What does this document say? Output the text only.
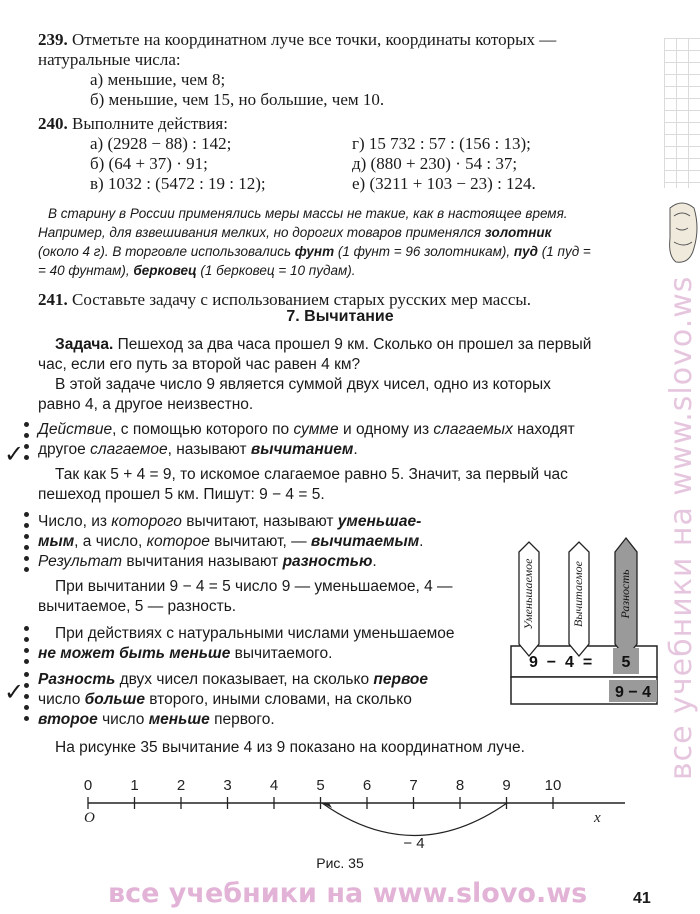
все учебники на www.slovo.ws
239. Отметьте на координатном луче все точки, координаты которых —
натуральные числа:
а) меньшие, чем 8;
б) меньшие, чем 15, но большие, чем 10.
240. Выполните действия:
а) (2928 − 88) : 142;
б) (64 + 37) · 91;
в) 1032 : (5472 : 19 : 12);
г) 15 732 : 57 : (156 : 13);
д) (880 + 230) · 54 : 37;
е) (3211 + 103 − 23) : 124.
В старину в России применялись меры массы не такие, как в настоящее время.
Например, для взвешивания мелких, но дорогих товаров применялся золотник
(около 4 г). В торговле использовались фунт (1 фунт = 96 золотникам), пуд (1 пуд =
= 40 фунтам), берковец (1 берковец = 10 пудам).
241. Составьте задачу с использованием старых русских мер массы.
7. Вычитание
Задача. Пешеход за два часа прошел 9 км. Сколько он прошел за первый
час, если его путь за второй час равен 4 км?
В этой задаче число 9 является суммой двух чисел, одно из которых
равно 4, а другое неизвестно.
✓
Действие, с помощью которого по сумме и одному из слагаемых находят
другое слагаемое, называют вычитанием.
Так как 5 + 4 = 9, то искомое слагаемое равно 5. Значит, за первый час
пешеход прошел 5 км. Пишут: 9 − 4 = 5.
Число, из которого вычитают, называют уменьшае-
мым, а число, которое вычитают, — вычитаемым.
Результат вычитания называют разностью.
При вычитании 9 − 4 = 5 число 9 — уменьшаемое, 4 —
вычитаемое, 5 — разность.
При действиях с натуральными числами уменьшаемое
не может быть меньше вычитаемого.
✓ Разность двух чисел показывает, на сколько первое
число больше второго, иными словами, на сколько
второе число меньше первого.
На рисунке 35 вычитание 4 из 9 показано на координатном луче.
Уменьшаемое	Вычитаемое	Разность
9  −  4  = 5
9 − 4
0	1	2	3	4	5	6	7	8	9 10
O	x
− 4
Рис. 35
все учебники на www.slovo.ws	41
